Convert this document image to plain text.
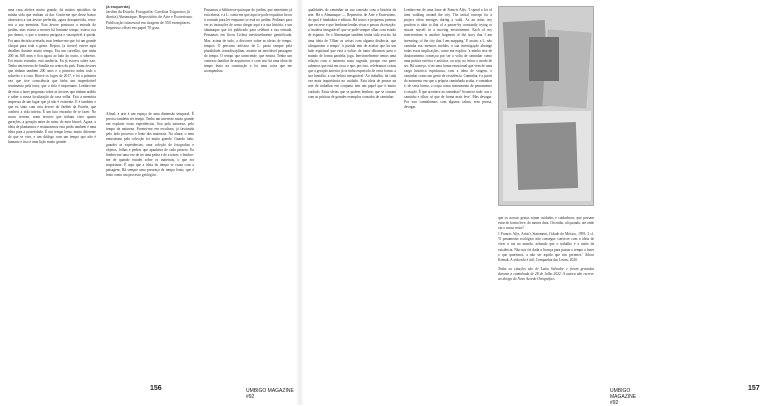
uma casa afetiva muito grande, há muitos episódios da minha vida que vinham cá dar. Conta-me que desse banco observava a sua árvore preferida, agora desaparecida, resta-nos a sua memória. Esta árvore pontuava a entrada do jardim, mas estava a morrer há bastante tempo, estava oca por dentro, o que a tornava perigosa e susceptível à queda. Foi uma decisão acertada, mas lembro-me que foi um grande choque para toda a gente. Depois, [a árvore] esteve aqui detalhes durante muito tempo. Era um carvalho, que tinha 200 ou 300 anos e fica agora ao lado do outro, o sobreiro. Foi muito estranha, esta ausência. Eu já escrevi sobre isso. Tenho um terreno de família no centro do país. Eram árvores que tinham também 200 anos e o primeiro ardeu todo o sobreiro e a casa. Houve os fogos de 2017, e foi a primeira vez que tive consciência que tinha um imperdoável sentimento pela terra, que o sítio é importante. Lembro-me de estar a fazer perguntas sobre as árvores que tinham ardido e saber a nossa localização da casa velha. Fica a memória impressa de um lugar que já não é existente. E é também o que eu sinto com esta árvore do Jardim da Estrela, que conheci a vida inteira. É um luto estranho de se fazer. No nosso terreno, eram árvores que tinham visto quatro gerações, a geração antes de mim, do meu bisavô. Agora, a ideia de plantarmos e restaurarmos esta perda também é uma ideia para a posteridade. É um tempo lento, muito diferente do que se vive, e um diálogo com um tempo que não é humano e isso é uma lição muito grande.

(à esquerda)
Jardim da Estrela. Fotografia: Carolina Trigueiros (à direita) Almanaque. Repositório de Arte e Esoterismo. Publicação trimestral em tiragem de 350 exemplares. Impresso offset em papel 70 gsm.

Afinal, a arte é um espaço de uma dimensão temporal. É preciso também ser tempo. Tenho um interesse muito grande em explorar essas experiências. Sou pela natureza, pelo tempo da natureza. Formei-me em escultura, já fascinada pelo lado processo e lento dos materiais. Na altura, o meu entusiasmo pela colecção foi muito grande. Guardo tudo, guardei as experiências, uma coleção de fotografias e objetos, folhas e pedras que apanhava de cada passeio. Eu lembro-me uma vez de ter uma pedra e de a trazer, e lembro-me de quando estudei sobre os materiais, o que era importante. É aqui que a ideia do tempo se cruza com a paisagem. Há sempre uma presença de tempo lento, que é lento como um processo geológico.

Passamos a biblioteca-quiosque do jardim, que entretanto já está aberta, e a L. conta-me que aqui se pode requisitar livros à vontade para ler enquanto se está no jardim. Pedimos para ver as instruções de como chegar aqui e a sua história, e um almanaque que foi publicado para celebrar a sua entrada. Pensamos em livros Lisboa inevitavelmente gentrificada. Mas, acima de tudo, a discorrer sobre as ideias de tempo, tempos. O percurso artístico de L. passa sempre pela pluralidade, transdisciplinar, assente na inevitável passagem do tempo. O tempo que transcende, que ensina. Tenho um contexto familiar de arquitectos e com isso há uma ideia de tempo lento na construção e foi uma coisa que me acompanhou.

156	UMBIGO MAGAZINE #92

qualidades do caminhar na sua conexão com a história da arte. Há o Almanaque — Repertório de Arte e Esoterismo, do qual é fundadora e editora. Há textos e pequenos poemas que escreve e que lembram lendas vivas e passos da estação: a 'matéria inesgotável' que se pode sempre olhar com estado de espanto. Se o Almanaque também tenha sido escrito, há uma ideia de 'Olhar as coisas com alguma distância, que ultrapassem o tempo', à partida tem de aceitar que há um lado espiritual que está a voltar, de tanto olharmos para o mundo de forma paralela, joga. Inevitavelmente temos uma relação com a natureza mais sagrada, porque em parte sabemos que está em risco e que, por isso, celebramos coisas que a geração anterior já se tinha esquecido de certa forma: a sua lentidão, a sua beleza inesgotável. Ao trabalho, há cada vez mais importância no cuidado. Esta ideia de pensar na arte de trabalhar em conjunto tem um papel que é muito cuidado. Estas ideias que se podem lembrar, que se cruzam com as práticas de grandes exemplos cruzados de caminhar.

Lembro-me de uma frase de Francis Alÿs. 'I spend a lot of time walking around the city. The initial concept for a project often emerges during a walk. As an artist, my position is akin to that of a passer-by constantly trying to situate myself in a moving environment. Each of my interventions is another fragment of the story that I am inventing, of the city that I am mapping.' E assim, a L. não caminha nos mesmos moldes, a sua investigação abrange todas essas implicações, como me explica: 'a minha tese de doutoramento começou por ser a volta de caminhar como uma prática estética e artística, ou seja, no início o modo de ser. Há começo, a ser uma forma emocional que vem de uma carga histórica espirituosa, com a ideia de viagem, o caminhar como um gesto de resistência. Caminhar é a partir do momento em que a própria caminhada acaba, e caminhar é, de certa forma, o corpo como instrumento de pensamento e criação. É que acontece ao caminhar? Acontece tudo: sou o caminho e olhar, só que de forma mais leve.' Mas devagar. Por isso caminhamos com alguma calma, sem pressa, devagar.

que os nossos gestos sejam cuidados e cuidadosos, que possam estar de forma leve, do menos dura. Ou então, ali quando, até onde vai o nosso rosto?

1 Francis Alÿs, Artist's Statement, Cidade do México, 1993. 2 cf. 'O penamento ecológico não consegue conviver com a ideia de viver à toa no mundo, achando que o trabalho é a razão da existência. Não nos foi dada a licença para passar o tempo a fazer o que queremos, a não ser aquilo que nos pertence.' Ailton Krenak, A vida não é útil, Companhia das Letras, 2020.

Todas as citações são de Luísa Salvador e foram gravadas durante a caminhada de 28 de Julho 2022. A autora não escreve ao abrigo do Novo Acordo Ortográfico.

UMBIGO MAGAZINE #92
157
